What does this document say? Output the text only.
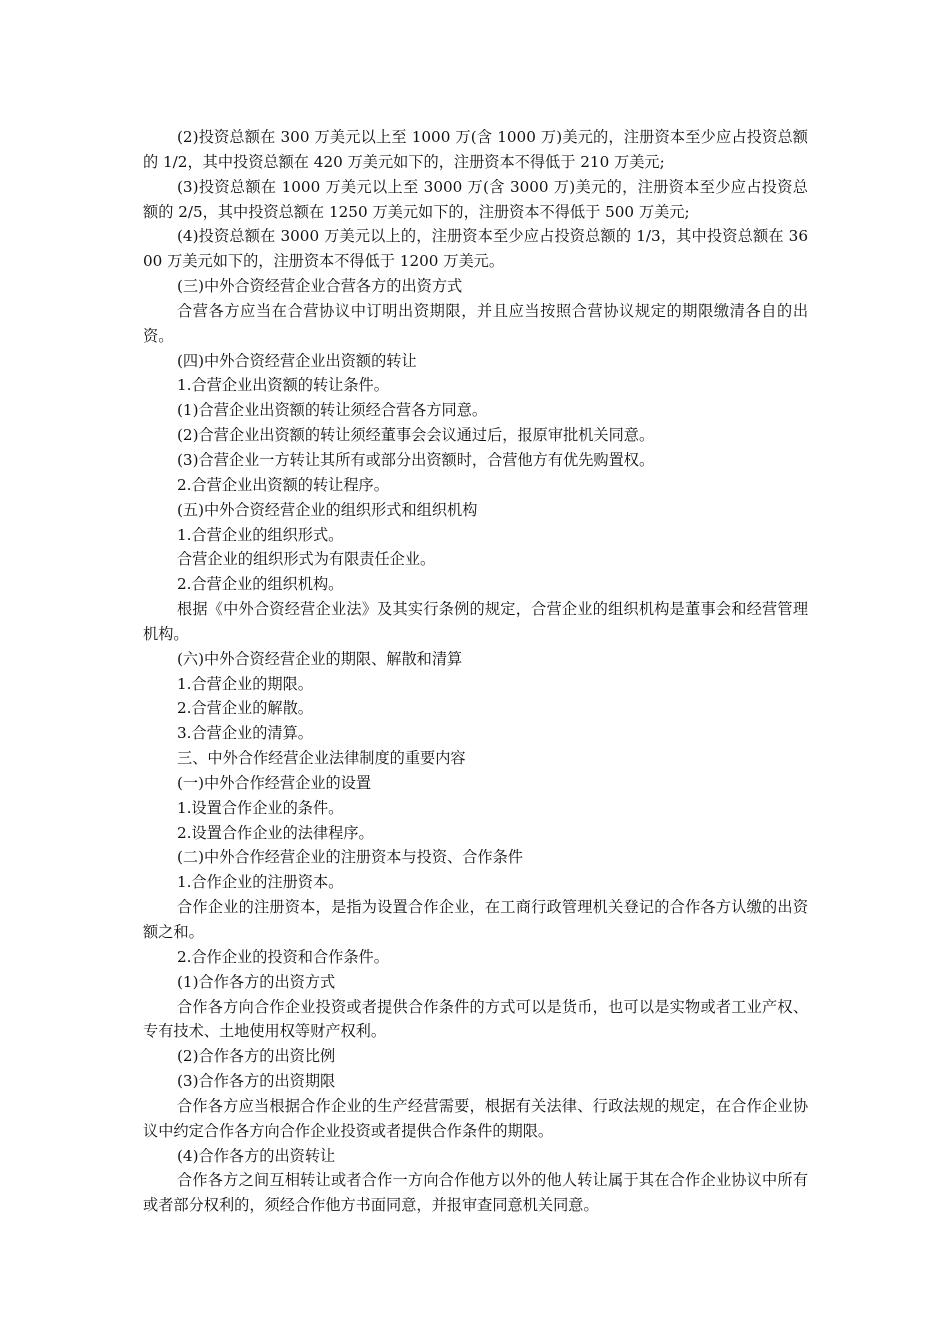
(2)投资总额在 300 万美元以上至 1000 万(含 1000 万)美元的，注册资本至少应占投资总额的 1/2，其中投资总额在 420 万美元如下的，注册资本不得低于 210 万美元;

(3)投资总额在 1000 万美元以上至 3000 万(含 3000 万)美元的，注册资本至少应占投资总额的 2/5，其中投资总额在 1250 万美元如下的，注册资本不得低于 500 万美元;

(4)投资总额在 3000 万美元以上的，注册资本至少应占投资总额的 1/3，其中投资总额在 3600 万美元如下的，注册资本不得低于 1200 万美元。

(三)中外合资经营企业合营各方的出资方式

合营各方应当在合营协议中订明出资期限，并且应当按照合营协议规定的期限缴清各自的出资。

(四)中外合资经营企业出资额的转让

1.合营企业出资额的转让条件。

(1)合营企业出资额的转让须经合营各方同意。

(2)合营企业出资额的转让须经董事会会议通过后，报原审批机关同意。

(3)合营企业一方转让其所有或部分出资额时，合营他方有优先购置权。

2.合营企业出资额的转让程序。

(五)中外合资经营企业的组织形式和组织机构

1.合营企业的组织形式。

合营企业的组织形式为有限责任企业。

2.合营企业的组织机构。

根据《中外合资经营企业法》及其实行条例的规定，合营企业的组织机构是董事会和经营管理机构。

(六)中外合资经营企业的期限、解散和清算

1.合营企业的期限。

2.合营企业的解散。

3.合营企业的清算。

三、中外合作经营企业法律制度的重要内容

(一)中外合作经营企业的设置

1.设置合作企业的条件。

2.设置合作企业的法律程序。

(二)中外合作经营企业的注册资本与投资、合作条件

1.合作企业的注册资本。

合作企业的注册资本，是指为设置合作企业，在工商行政管理机关登记的合作各方认缴的出资额之和。

2.合作企业的投资和合作条件。

(1)合作各方的出资方式

合作各方向合作企业投资或者提供合作条件的方式可以是货币，也可以是实物或者工业产权、专有技术、土地使用权等财产权利。

(2)合作各方的出资比例

(3)合作各方的出资期限

合作各方应当根据合作企业的生产经营需要，根据有关法律、行政法规的规定，在合作企业协议中约定合作各方向合作企业投资或者提供合作条件的期限。

(4)合作各方的出资转让

合作各方之间互相转让或者合作一方向合作他方以外的他人转让属于其在合作企业协议中所有或者部分权利的，须经合作他方书面同意，并报审查同意机关同意。
